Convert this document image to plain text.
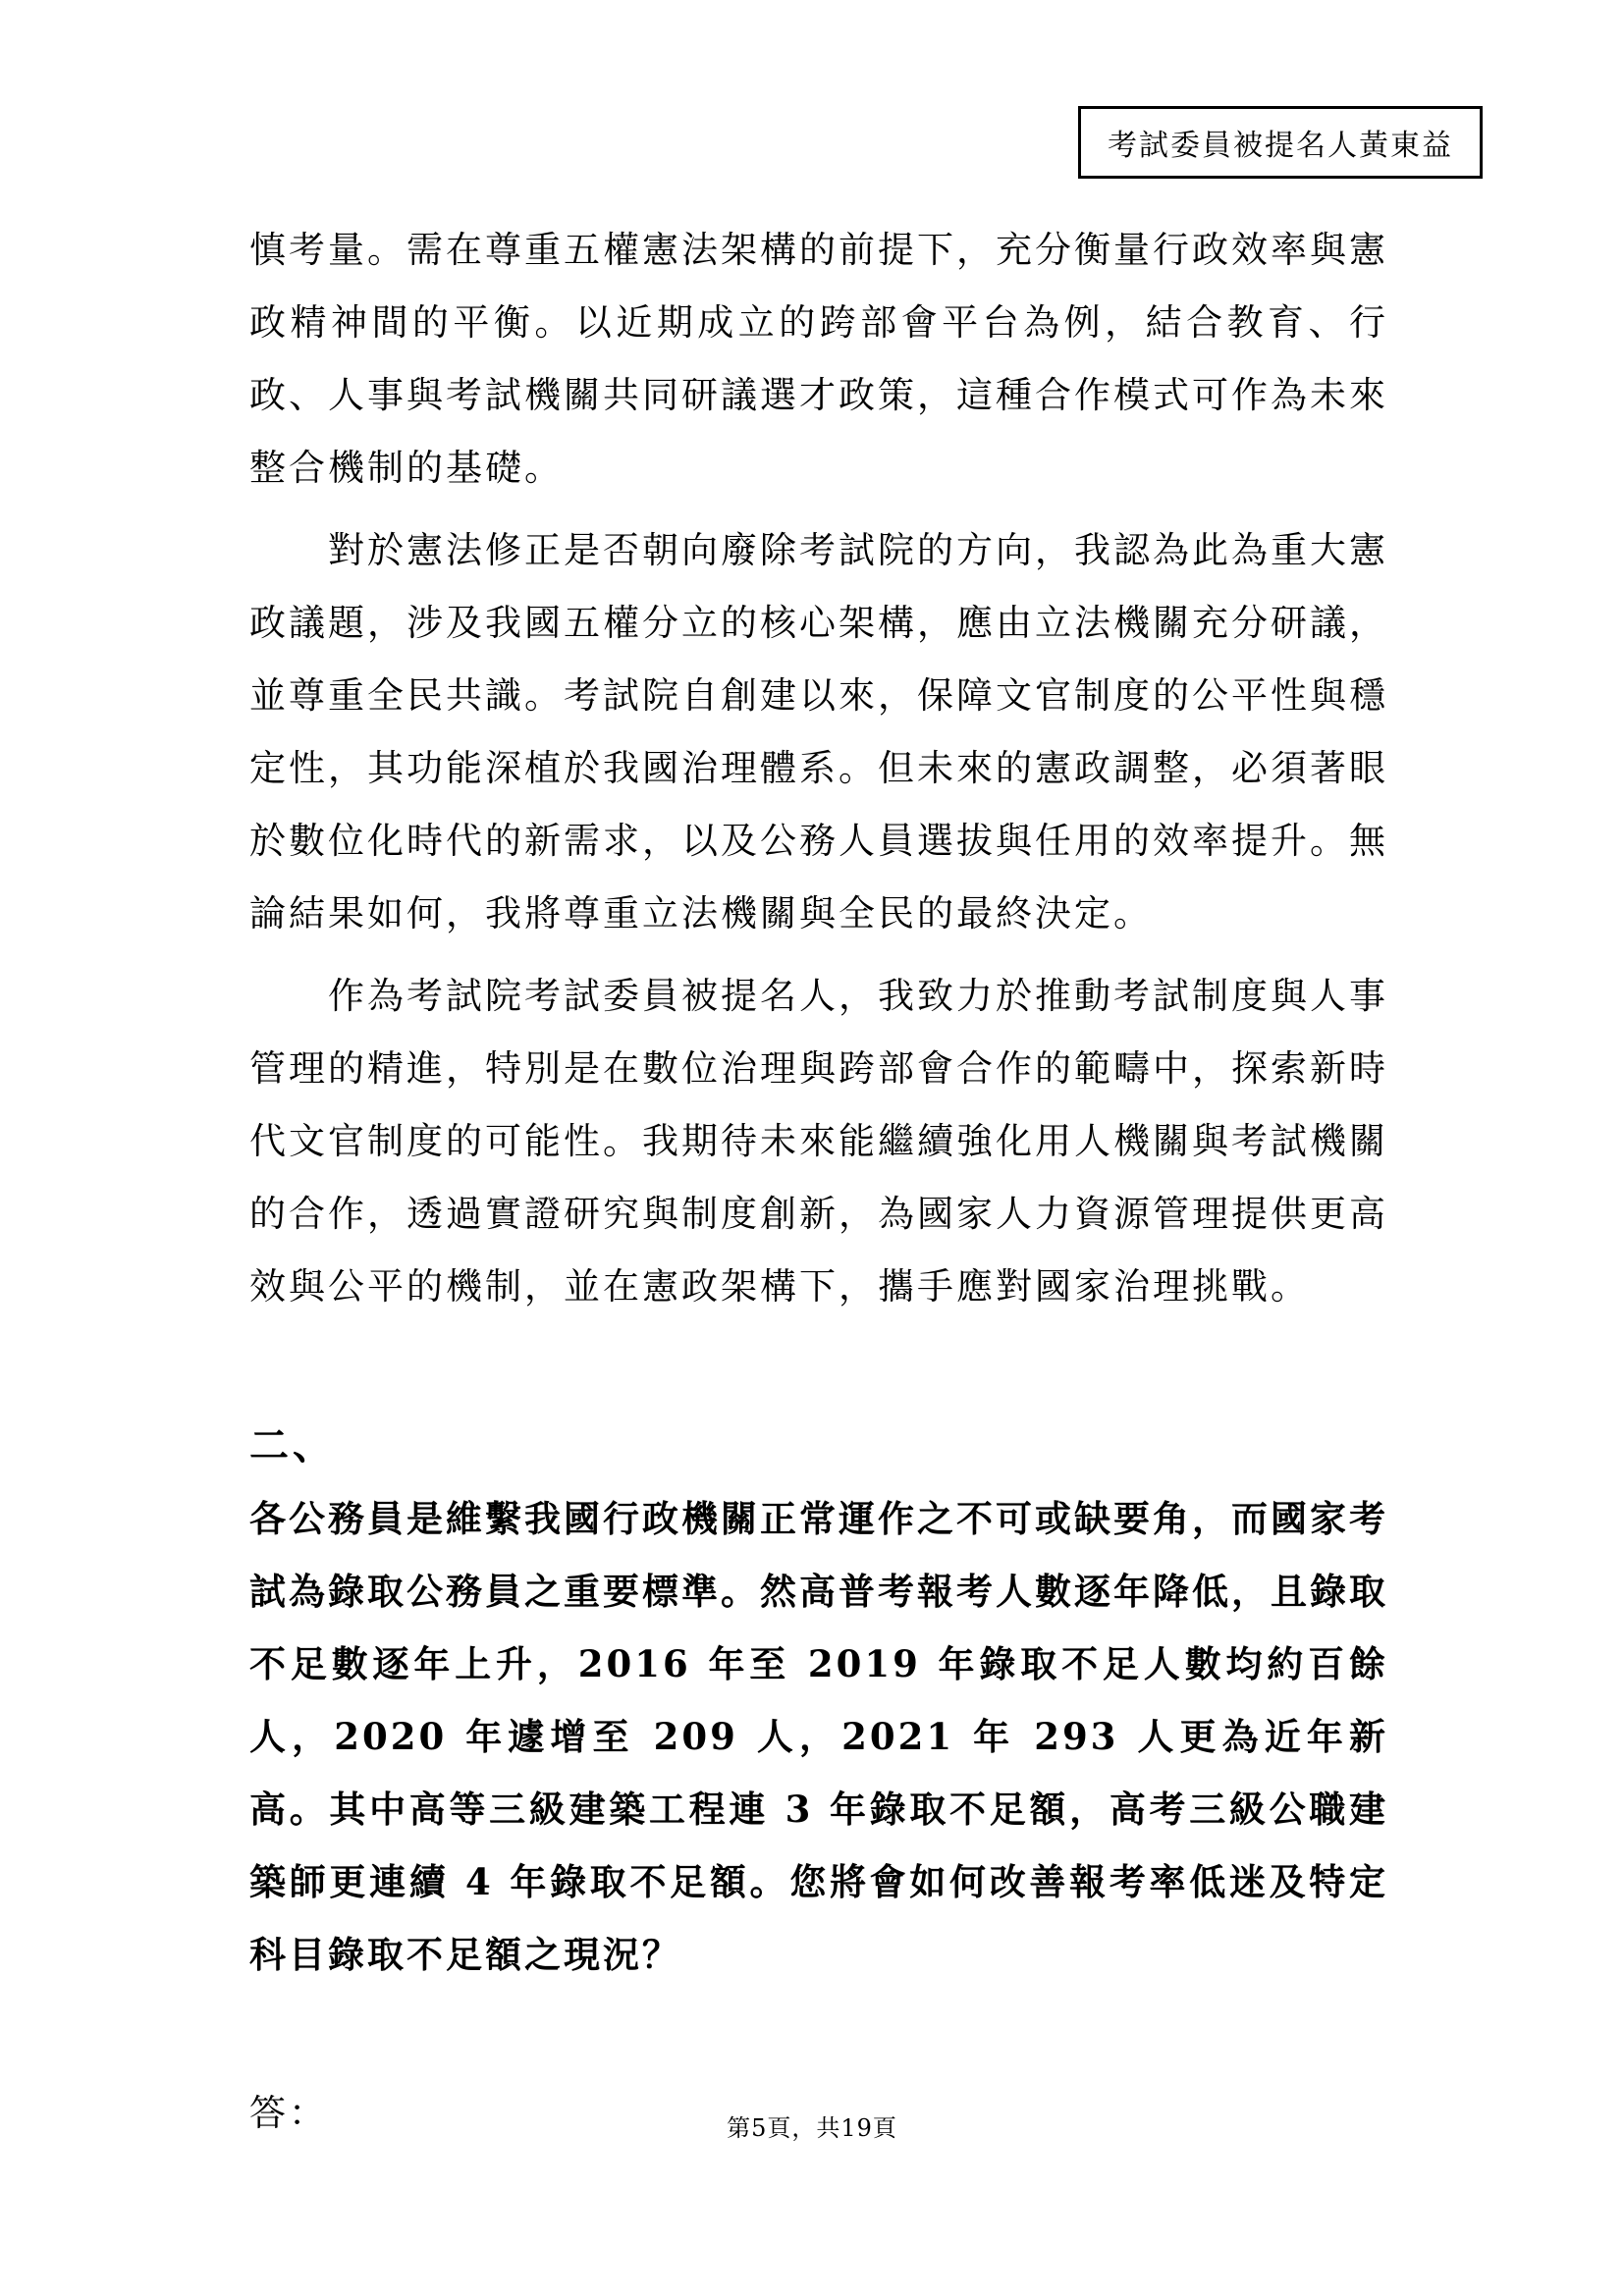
考試委員被提名人黃東益

慎考量。需在尊重五權憲法架構的前提下，充分衡量行政效率與憲政精神間的平衡。以近期成立的跨部會平台為例，結合教育、行政、人事與考試機關共同研議選才政策，這種合作模式可作為未來整合機制的基礎。

對於憲法修正是否朝向廢除考試院的方向，我認為此為重大憲政議題，涉及我國五權分立的核心架構，應由立法機關充分研議，並尊重全民共識。考試院自創建以來，保障文官制度的公平性與穩定性，其功能深植於我國治理體系。但未來的憲政調整，必須著眼於數位化時代的新需求，以及公務人員選拔與任用的效率提升。無論結果如何，我將尊重立法機關與全民的最終決定。

作為考試院考試委員被提名人，我致力於推動考試制度與人事管理的精進，特別是在數位治理與跨部會合作的範疇中，探索新時代文官制度的可能性。我期待未來能繼續強化用人機關與考試機關的合作，透過實證研究與制度創新，為國家人力資源管理提供更高效與公平的機制，並在憲政架構下，攜手應對國家治理挑戰。

二、

各公務員是維繫我國行政機關正常運作之不可或缺要角，而國家考試為錄取公務員之重要標準。然高普考報考人數逐年降低，且錄取不足數逐年上升，2016 年至 2019 年錄取不足人數均約百餘人，2020 年遽增至 209 人，2021 年 293 人更為近年新高。其中高等三級建築工程連 3 年錄取不足額，高考三級公職建築師更連續 4 年錄取不足額。您將會如何改善報考率低迷及特定科目錄取不足額之現況？

答：	第5頁，共19頁
